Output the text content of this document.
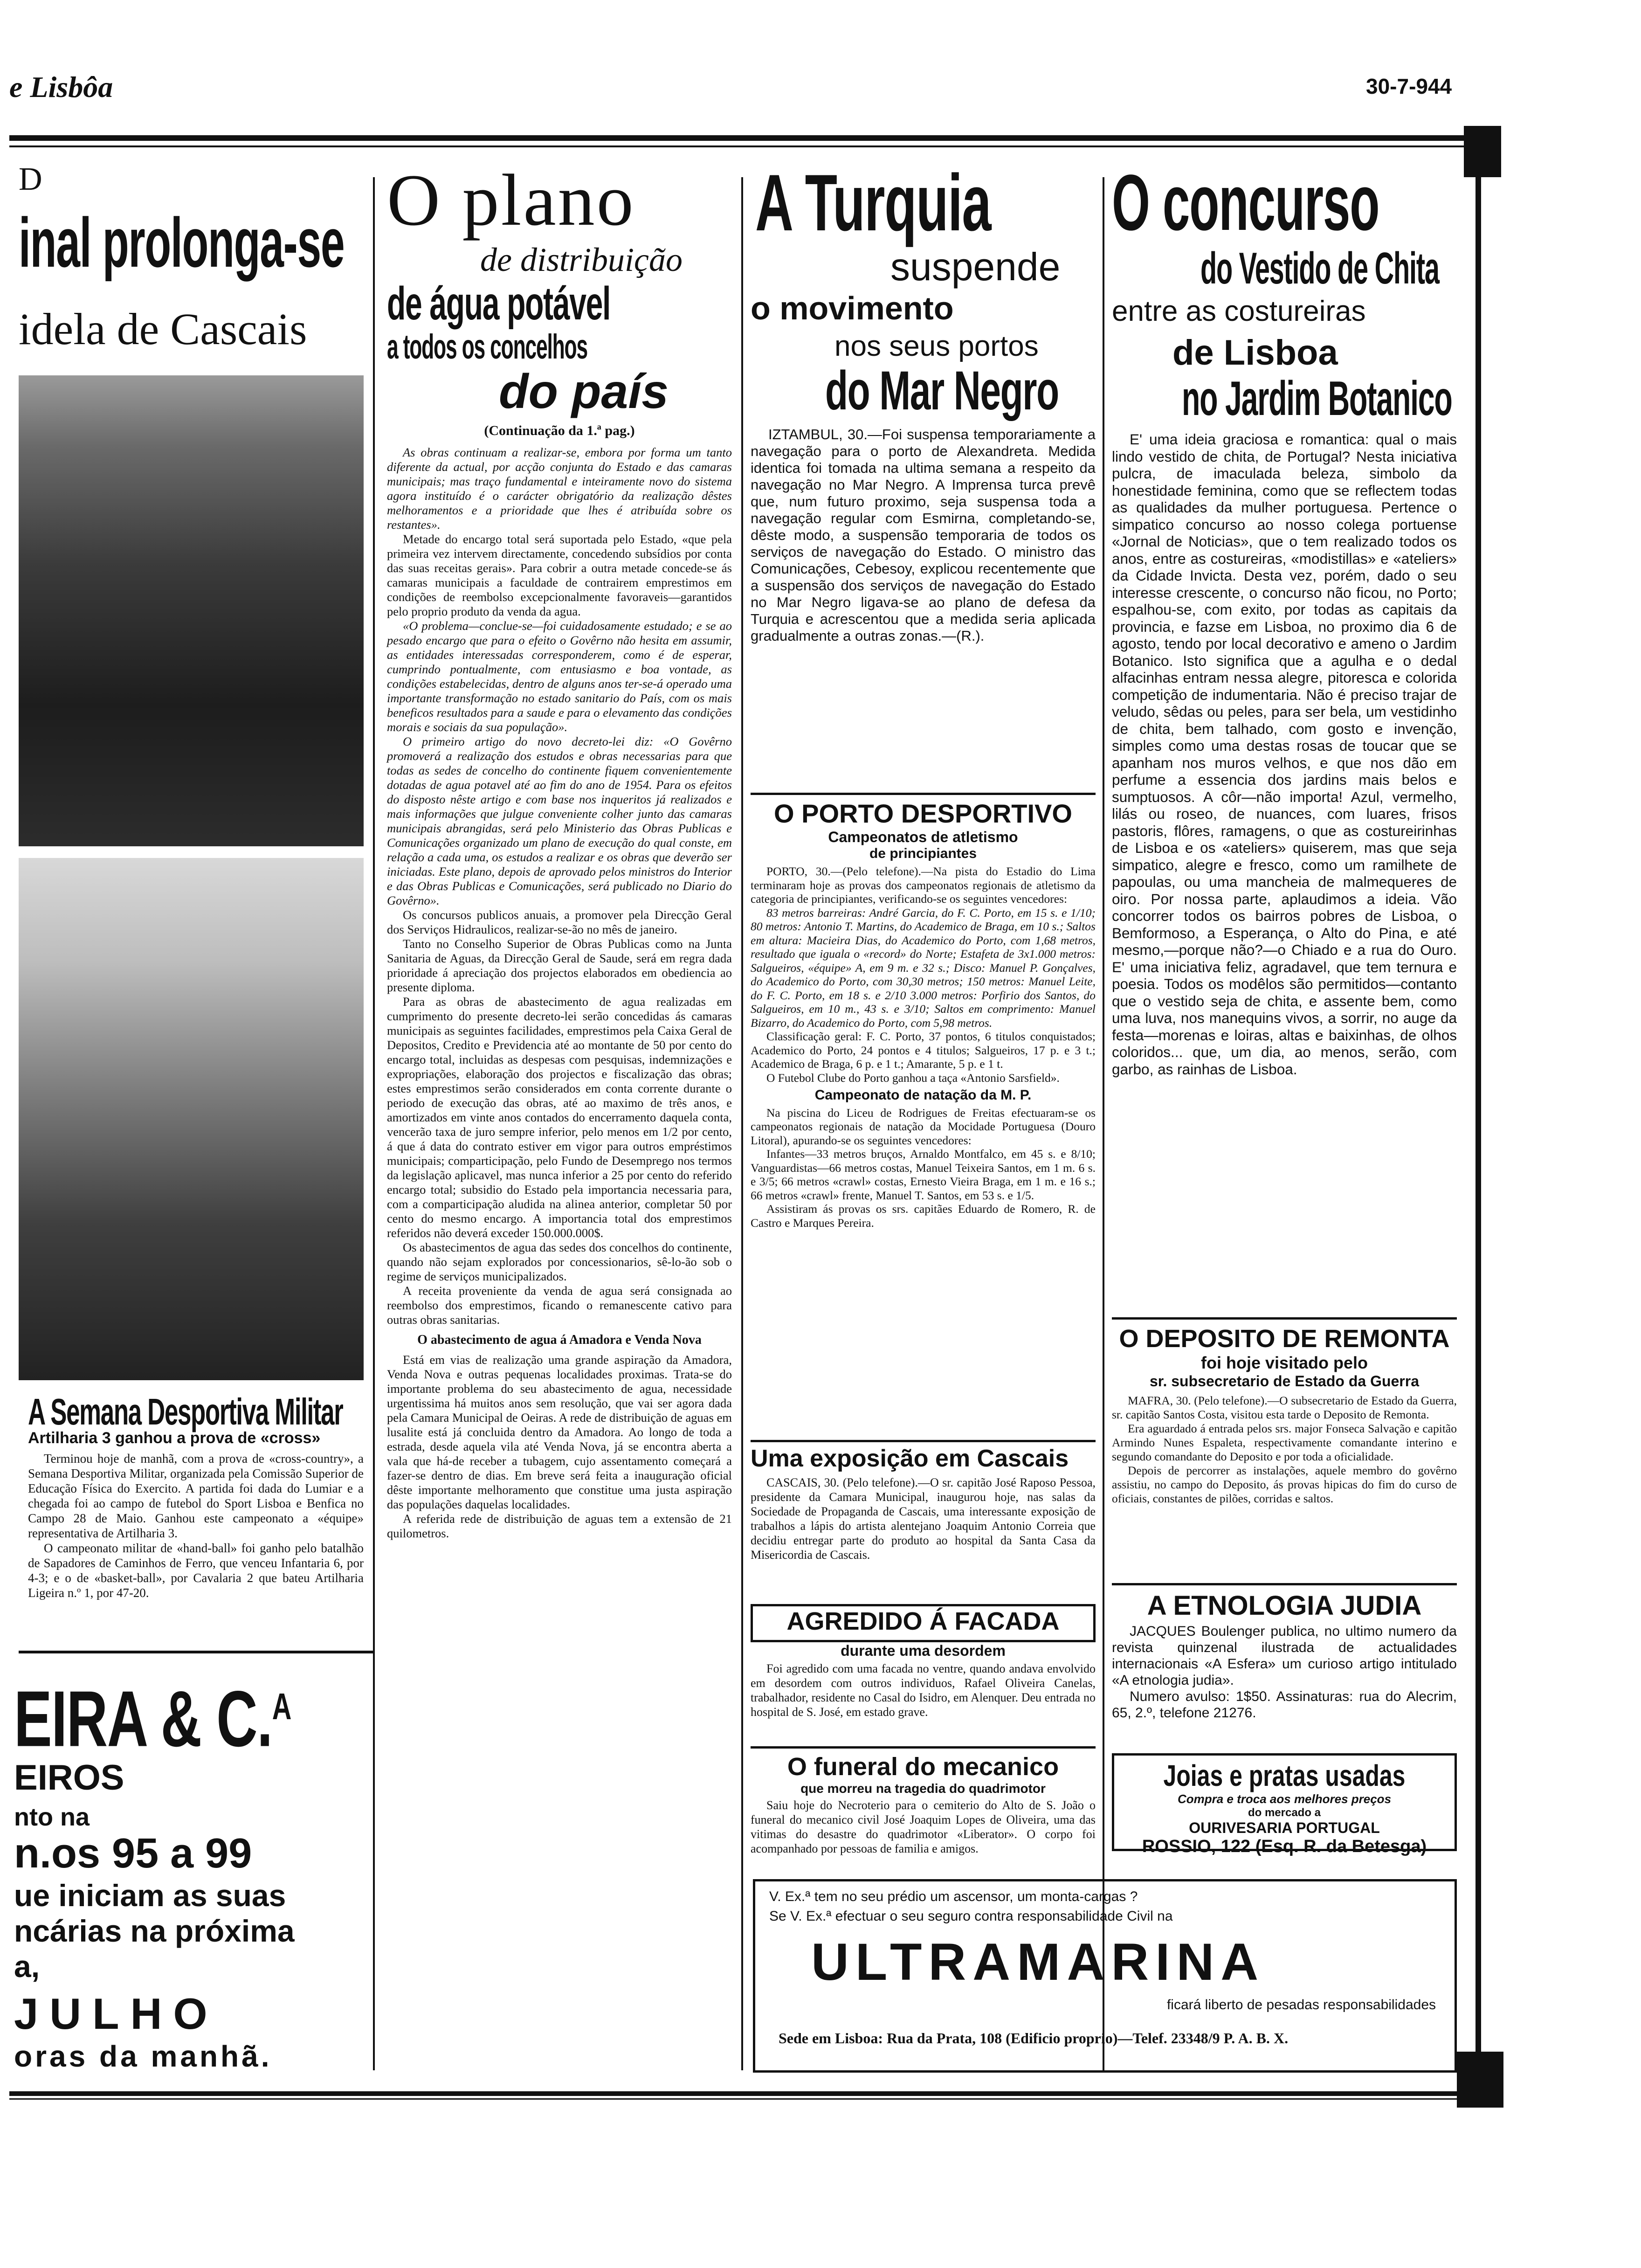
e Lisbôa	30-7-944
D
inal prolonga-se
idela de Cascais
A Semana Desportiva Militar
Artilharia 3 ganhou a prova de «cross»

Terminou hoje de manhã, com a prova de «cross-country», a Semana Desportiva Militar, organizada pela Comissão Superior de Educação Física do Exercito. A partida foi dada do Lumiar e a chegada foi ao campo de futebol do Sport Lisboa e Benfica no Campo 28 de Maio. Ganhou este campeonato a «équipe» representativa de Artilharia 3.

O campeonato militar de «hand-ball» foi ganho pelo batalhão de Sapadores de Caminhos de Ferro, que venceu Infantaria 6, por 4-3; e o de «basket-ball», por Cavalaria 2 que bateu Artilharia Ligeira n.º 1, por 47-20.

EIRA & C.$^A$
EIROS
nto na
n.os 95 a 99
ue iniciam as suas
ncárias na próxima
a,
JULHO
oras da manhã.
O plano
de distribuição
de água potável
a todos os concelhos
do país
(Continuação da 1.ª pag.)

As obras continuam a realizar-se, embora por forma um tanto diferente da actual, por acção conjunta do Estado e das camaras municipais; mas traço fundamental e inteiramente novo do sistema agora instituído é o carácter obrigatório da realização dêstes melhoramentos e a prioridade que lhes é atribuída sobre os restantes».

Metade do encargo total será suportada pelo Estado, «que pela primeira vez intervem directamente, concedendo subsídios por conta das suas receitas gerais». Para cobrir a outra metade concede-se ás camaras municipais a faculdade de contrairem emprestimos em condições de reembolso excepcionalmente favoraveis—garantidos pelo proprio produto da venda da agua.

«O problema—conclue-se—foi cuidadosamente estudado; e se ao pesado encargo que para o efeito o Govêrno não hesita em assumir, as entidades interessadas corresponderem, como é de esperar, cumprindo pontualmente, com entusiasmo e boa vontade, as condições estabelecidas, dentro de alguns anos ter-se-á operado uma importante transformação no estado sanitario do País, com os mais beneficos resultados para a saude e para o elevamento das condições morais e sociais da sua população».

O primeiro artigo do novo decreto-lei diz: «O Govêrno promoverá a realização dos estudos e obras necessarias para que todas as sedes de concelho do continente fiquem convenientemente dotadas de agua potavel até ao fim do ano de 1954. Para os efeitos do disposto nêste artigo e com base nos inqueritos já realizados e mais informações que julgue conveniente colher junto das camaras municipais abrangidas, será pelo Ministerio das Obras Publicas e Comunicações organizado um plano de execução do qual conste, em relação a cada uma, os estudos a realizar e os obras que deverão ser iniciadas. Este plano, depois de aprovado pelos ministros do Interior e das Obras Publicas e Comunicações, será publicado no Diario do Govêrno».

Os concursos publicos anuais, a promover pela Direcção Geral dos Serviços Hidraulicos, realizar-se-ão no mês de janeiro.

Tanto no Conselho Superior de Obras Publicas como na Junta Sanitaria de Aguas, da Direcção Geral de Saude, será em regra dada prioridade á apreciação dos projectos elaborados em obediencia ao presente diploma.

Para as obras de abastecimento de agua realizadas em cumprimento do presente decreto-lei serão concedidas ás camaras municipais as seguintes facilidades, emprestimos pela Caixa Geral de Depositos, Credito e Previdencia até ao montante de 50 por cento do encargo total, incluidas as despesas com pesquisas, indemnizações e expropriações, elaboração dos projectos e fiscalização das obras; estes emprestimos serão considerados em conta corrente durante o periodo de execução das obras, até ao maximo de três anos, e amortizados em vinte anos contados do encerramento daquela conta, vencerão taxa de juro sempre inferior, pelo menos em 1/2 por cento, á que á data do contrato estiver em vigor para outros empréstimos municipais; comparticipação, pelo Fundo de Desemprego nos termos da legislação aplicavel, mas nunca inferior a 25 por cento do referido encargo total; subsidio do Estado pela importancia necessaria para, com a comparticipação aludida na alinea anterior, completar 50 por cento do mesmo encargo. A importancia total dos emprestimos referidos não deverá exceder 150.000.000$.

Os abastecimentos de agua das sedes dos concelhos do continente, quando não sejam explorados por concessionarios, sê-lo-ão sob o regime de serviços municipalizados.

A receita proveniente da venda de agua será consignada ao reembolso dos emprestimos, ficando o remanescente cativo para outras obras sanitarias.

O abastecimento de agua á Amadora e Venda Nova

Está em vias de realização uma grande aspiração da Amadora, Venda Nova e outras pequenas localidades proximas. Trata-se do importante problema do seu abastecimento de agua, necessidade urgentissima há muitos anos sem resolução, que vai ser agora dada pela Camara Municipal de Oeiras. A rede de distribuição de aguas em lusalite está já concluida dentro da Amadora. Ao longo de toda a estrada, desde aquela vila até Venda Nova, já se encontra aberta a vala que há-de receber a tubagem, cujo assentamento começará a fazer-se dentro de dias. Em breve será feita a inauguração oficial dêste importante melhoramento que constitue uma justa aspiração das populações daquelas localidades.

A referida rede de distribuição de aguas tem a extensão de 21 quilometros.

A Turquia
suspende
o movimento
nos seus portos
do Mar Negro

IZTAMBUL, 30.—Foi suspensa temporariamente a navegação para o porto de Alexandreta. Medida identica foi tomada na ultima semana a respeito da navegação no Mar Negro. A Imprensa turca prevê que, num futuro proximo, seja suspensa toda a navegação regular com Esmirna, completando-se, dêste modo, a suspensão temporaria de todos os serviços de navegação do Estado. O ministro das Comunicações, Cebesoy, explicou recentemente que a suspensão dos serviços de navegação do Estado no Mar Negro ligava-se ao plano de defesa da Turquia e acrescentou que a medida seria aplicada gradualmente a outras zonas.—(R.).

O PORTO DESPORTIVO
Campeonatos de atletismo
de principiantes

PORTO, 30.—(Pelo telefone).—Na pista do Estadio do Lima terminaram hoje as provas dos campeonatos regionais de atletismo da categoria de principiantes, verificando-se os seguintes vencedores:

83 metros barreiras: André Garcia, do F. C. Porto, em 15 s. e 1/10; 80 metros: Antonio T. Martins, do Academico de Braga, em 10 s.; Saltos em altura: Macieira Dias, do Academico do Porto, com 1,68 metros, resultado que iguala o «record» do Norte; Estafeta de 3x1.000 metros: Salgueiros, «équipe» A, em 9 m. e 32 s.; Disco: Manuel P. Gonçalves, do Academico do Porto, com 30,30 metros; 150 metros: Manuel Leite, do F. C. Porto, em 18 s. e 2/10 3.000 metros: Porfirio dos Santos, do Salgueiros, em 10 m., 43 s. e 3/10; Saltos em comprimento: Manuel Bizarro, do Academico do Porto, com 5,98 metros.

Classificação geral: F. C. Porto, 37 pontos, 6 titulos conquistados; Academico do Porto, 24 pontos e 4 titulos; Salgueiros, 17 p. e 3 t.; Academico de Braga, 6 p. e 1 t.; Amarante, 5 p. e 1 t.

O Futebol Clube do Porto ganhou a taça «Antonio Sarsfield».

Campeonato de natação da M. P.

Na piscina do Liceu de Rodrigues de Freitas efectuaram-se os campeonatos regionais de natação da Mocidade Portuguesa (Douro Litoral), apurando-se os seguintes vencedores:

Infantes—33 metros bruços, Arnaldo Montfalco, em 45 s. e 8/10; Vanguardistas—66 metros costas, Manuel Teixeira Santos, em 1 m. 6 s. e 3/5; 66 metros «crawl» costas, Ernesto Vieira Braga, em 1 m. e 16 s.; 66 metros «crawl» frente, Manuel T. Santos, em 53 s. e 1/5.

Assistiram ás provas os srs. capitães Eduardo de Romero, R. de Castro e Marques Pereira.

Uma exposição em Cascais

CASCAIS, 30. (Pelo telefone).—O sr. capitão José Raposo Pessoa, presidente da Camara Municipal, inaugurou hoje, nas salas da Sociedade de Propaganda de Cascais, uma interessante exposição de trabalhos a lápis do artista alentejano Joaquim Antonio Correia que decidiu entregar parte do produto ao hospital da Santa Casa da Misericordia de Cascais.

AGREDIDO Á FACADA
durante uma desordem

Foi agredido com uma facada no ventre, quando andava envolvido em desordem com outros individuos, Rafael Oliveira Canelas, trabalhador, residente no Casal do Isidro, em Alenquer. Deu entrada no hospital de S. José, em estado grave.

O funeral do mecanico
que morreu na tragedia do quadrimotor

Saiu hoje do Necroterio para o cemiterio do Alto de S. João o funeral do mecanico civil José Joaquim Lopes de Oliveira, uma das vitimas do desastre do quadrimotor «Liberator». O corpo foi acompanhado por pessoas de familia e amigos.

O concurso
do Vestido de Chita
entre as costureiras
de Lisboa
no Jardim Botanico

E' uma ideia graciosa e romantica: qual o mais lindo vestido de chita, de Portugal? Nesta iniciativa pulcra, de imaculada beleza, simbolo da honestidade feminina, como que se reflectem todas as qualidades da mulher portuguesa. Pertence o simpatico concurso ao nosso colega portuense «Jornal de Noticias», que o tem realizado todos os anos, entre as costureiras, «modistillas» e «ateliers» da Cidade Invicta. Desta vez, porém, dado o seu interesse crescente, o concurso não ficou, no Porto; espalhou-se, com exito, por todas as capitais da provincia, e fazse em Lisboa, no proximo dia 6 de agosto, tendo por local decorativo e ameno o Jardim Botanico. Isto significa que a agulha e o dedal alfacinhas entram nessa alegre, pitoresca e colorida competição de indumentaria. Não é preciso trajar de veludo, sêdas ou peles, para ser bela, um vestidinho de chita, bem talhado, com gosto e invenção, simples como uma destas rosas de toucar que se apanham nos muros velhos, e que nos dão em perfume a essencia dos jardins mais belos e sumptuosos. A côr—não importa! Azul, vermelho, lilás ou roseo, de nuances, com luares, frisos pastoris, flôres, ramagens, o que as costureirinhas de Lisboa e os «ateliers» quiserem, mas que seja simpatico, alegre e fresco, como um ramilhete de papoulas, ou uma mancheia de malmequeres de oiro. Por nossa parte, aplaudimos a ideia. Vão concorrer todos os bairros pobres de Lisboa, o Bemformoso, a Esperança, o Alto do Pina, e até mesmo,—porque não?—o Chiado e a rua do Ouro. E' uma iniciativa feliz, agradavel, que tem ternura e poesia. Todos os modêlos são permitidos—contanto que o vestido seja de chita, e assente bem, como uma luva, nos manequins vivos, a sorrir, no auge da festa—morenas e loiras, altas e baixinhas, de olhos coloridos... que, um dia, ao menos, serão, com garbo, as rainhas de Lisboa.

O DEPOSITO DE REMONTA
foi hoje visitado pelo
sr. subsecretario de Estado da Guerra

MAFRA, 30. (Pelo telefone).—O subsecretario de Estado da Guerra, sr. capitão Santos Costa, visitou esta tarde o Deposito de Remonta.

Era aguardado á entrada pelos srs. major Fonseca Salvação e capitão Armindo Nunes Espaleta, respectivamente comandante interino e segundo comandante do Deposito e por toda a oficialidade.

Depois de percorrer as instalações, aquele membro do govêrno assistiu, no campo do Deposito, ás provas hipicas do fim do curso de oficiais, constantes de pilões, corridas e saltos.

A ETNOLOGIA JUDIA

JACQUES Boulenger publica, no ultimo numero da revista quinzenal ilustrada de actualidades internacionais «A Esfera» um curioso artigo intitulado «A etnologia judia».

Numero avulso: 1$50. Assinaturas: rua do Alecrim, 65, 2.º, telefone 21276.

Joias e pratas usadas
Compra e troca aos melhores preços
do mercado a
OURIVESARIA PORTUGAL
ROSSIO, 122 (Esq. R. da Betesga)
V. Ex.ª tem no seu prédio um ascensor, um monta-cargas ?
Se V. Ex.ª efectuar o seu seguro contra responsabilidade Civil na
ULTRAMARINA
ficará liberto de pesadas responsabilidades
Sede em Lisboa: Rua da Prata, 108 (Edificio proprio)—Telef. 23348/9 P. A. B. X.
